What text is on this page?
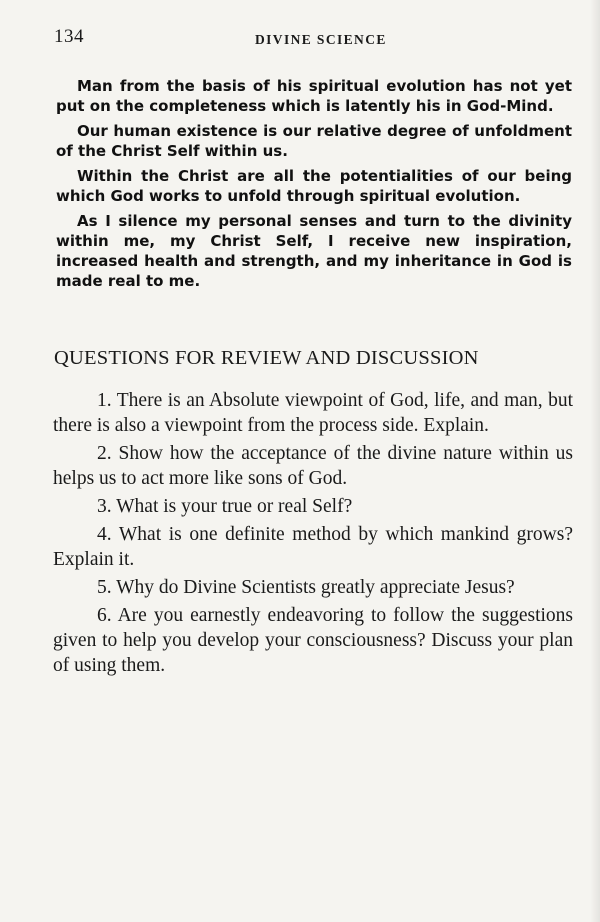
134	DIVINE SCIENCE

Man from the basis of his spiritual evolution has not yet put on the completeness which is latently his in God-Mind.

Our human existence is our relative degree of unfoldment of the Christ Self within us.

Within the Christ are all the potentialities of our being which God works to unfold through spiritual evolution.

As I silence my personal senses and turn to the divinity within me, my Christ Self, I receive new inspiration, increased health and strength, and my inheritance in God is made real to me.

QUESTIONS FOR REVIEW AND DISCUSSION

1. There is an Absolute viewpoint of God, life, and man, but there is also a viewpoint from the process side. Explain.

2. Show how the acceptance of the divine nature within us helps us to act more like sons of God.

3. What is your true or real Self?

4. What is one definite method by which mankind grows? Explain it.

5. Why do Divine Scientists greatly appreciate Jesus?

6. Are you earnestly endeavoring to follow the suggestions given to help you develop your consciousness? Discuss your plan of using them.
